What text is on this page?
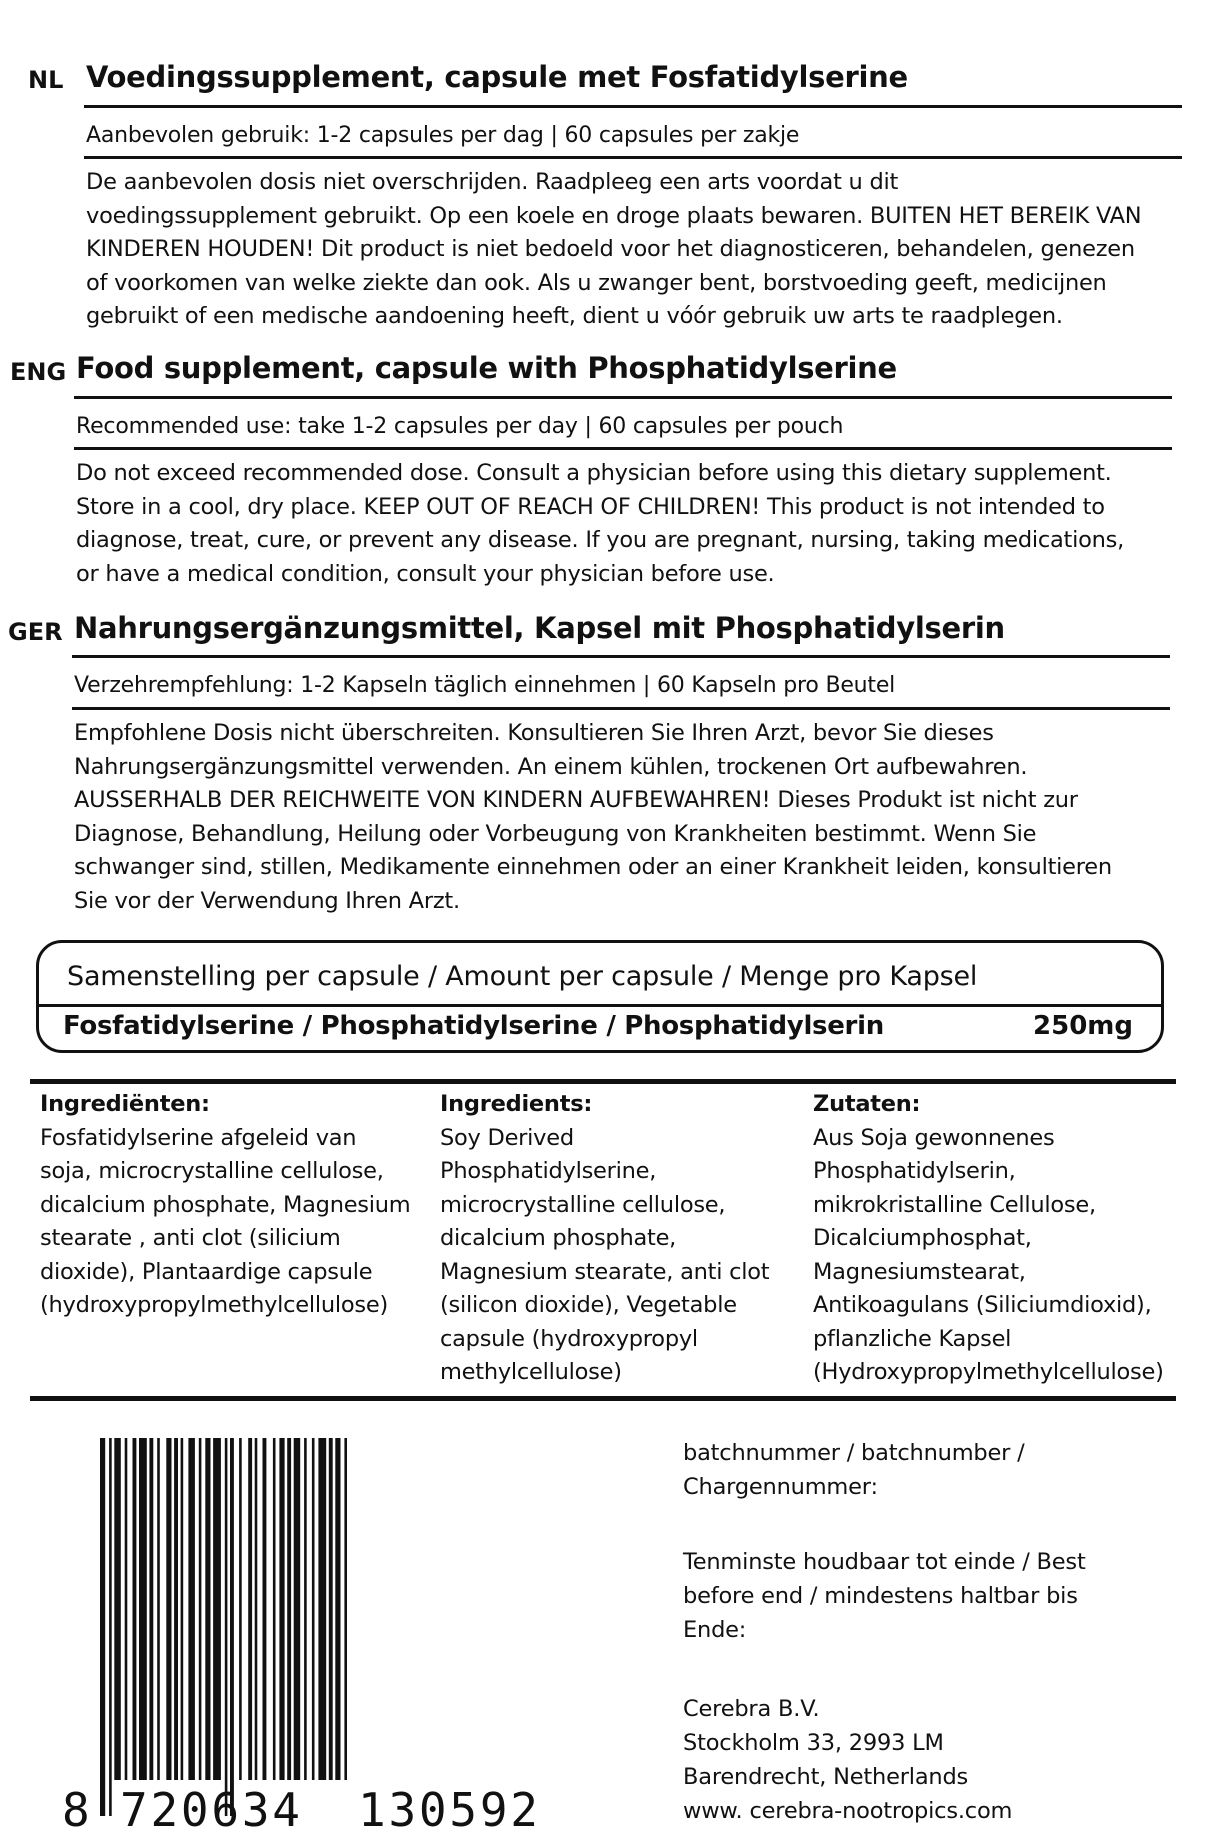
NL Voedingssupplement, capsule met Fosfatidylserine
Aanbevolen gebruik: 1-2 capsules per dag | 60 capsules per zakje
De aanbevolen dosis niet overschrijden. Raadpleeg een arts voordat u dit
voedingssupplement gebruikt. Op een koele en droge plaats bewaren. BUITEN HET BEREIK VAN
KINDEREN HOUDEN! Dit product is niet bedoeld voor het diagnosticeren, behandelen, genezen
of voorkomen van welke ziekte dan ook. Als u zwanger bent, borstvoeding geeft, medicijnen
gebruikt of een medische aandoening heeft, dient u vóór gebruik uw arts te raadplegen.
ENG Food supplement, capsule with Phosphatidylserine
Recommended use: take 1-2 capsules per day | 60 capsules per pouch
Do not exceed recommended dose. Consult a physician before using this dietary supplement.
Store in a cool, dry place. KEEP OUT OF REACH OF CHILDREN! This product is not intended to
diagnose, treat, cure, or prevent any disease. If you are pregnant, nursing, taking medications,
or have a medical condition, consult your physician before use.
GER Nahrungsergänzungsmittel, Kapsel mit Phosphatidylserin
Verzehrempfehlung: 1-2 Kapseln täglich einnehmen | 60 Kapseln pro Beutel
Empfohlene Dosis nicht überschreiten. Konsultieren Sie Ihren Arzt, bevor Sie dieses
Nahrungsergänzungsmittel verwenden. An einem kühlen, trockenen Ort aufbewahren.
AUSSERHALB DER REICHWEITE VON KINDERN AUFBEWAHREN! Dieses Produkt ist nicht zur
Diagnose, Behandlung, Heilung oder Vorbeugung von Krankheiten bestimmt. Wenn Sie
schwanger sind, stillen, Medikamente einnehmen oder an einer Krankheit leiden, konsultieren
Sie vor der Verwendung Ihren Arzt.
Samenstelling per capsule / Amount per capsule / Menge pro Kapsel
Fosfatidylserine / Phosphatidylserine / Phosphatidylserin	250mg
Ingrediënten:
Fosfatidylserine afgeleid van
soja, microcrystalline cellulose,
dicalcium phosphate, Magnesium
stearate , anti clot (silicium
dioxide), Plantaardige capsule
(hydroxypropylmethylcellulose)
Ingredients:
Soy Derived
Phosphatidylserine,
microcrystalline cellulose,
dicalcium phosphate,
Magnesium stearate, anti clot
(silicon dioxide), Vegetable
capsule (hydroxypropyl
methylcellulose)
Zutaten:
Aus Soja gewonnenes
Phosphatidylserin,
mikrokristalline Cellulose,
Dicalciumphosphat,
Magnesiumstearat,
Antikoagulans (Siliciumdioxid),
pflanzliche Kapsel
(Hydroxypropylmethylcellulose)
8 720634 130592
batchnummer / batchnumber /
Chargennummer:
Tenminste houdbaar tot einde / Best
before end / mindestens haltbar bis
Ende:
Cerebra B.V.
Stockholm 33, 2993 LM
Barendrecht, Netherlands
www. cerebra-nootropics.com
